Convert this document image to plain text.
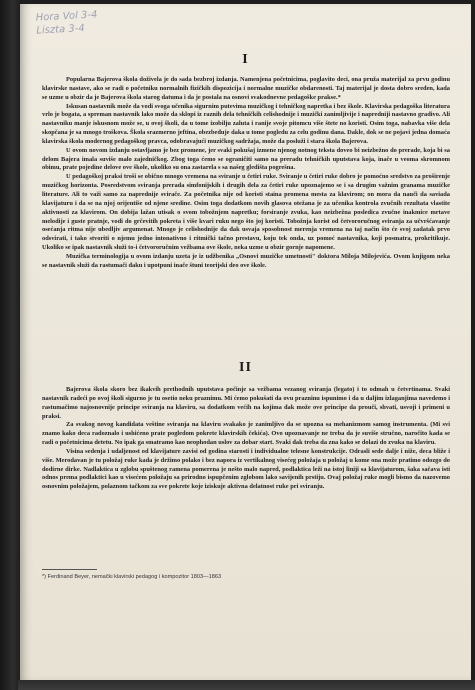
Hora Vol 3-4
Liszta 3-4
I

Popularna Bajerova škola doživela je do sada bezbroj izdanja. Namenjena početnicima, poglavito deci, ona pruža materijal za prvu godinu klavirske nastave, ako se radi o početniku normalnih fizičkih dispozicija i normalne muzičke obdarenosti. Taj materijal je dosta dobro sređen, kada se uzme u obzir da je Bajerova škola starog datuma i da je postala na osnovi svakodnevne pedagoške prakse.*

Iskusan nastavnik može da vodi svoga učenika sigurnim putevima muzičkog i tehničkog napretka i bez škole. Klavirska pedagoška literatura vrlo je bogata, a spreman nastavnik lako može da sklopi iz raznih dela tehničkih celishodnije i muzički zanimljivije i napredniji nastavno gradivo. Ali nastavniku manje iskusnom može se, u ovoj školi, da u tome izobilju zaluta i ranije svoje pitomcu više štete no koristi. Osim toga, nabavka više dela skopčana je sa mnogo troškova. Škola srazmerno jeftina, obezbeđuje daka u tome pogledu za celu godinu dana. Dakle, dok se ne pojavi jedna domaća klavirska škola modernog pedagoškog pravca, odobravajući muzičkog sadržaja, može da posluži i stara škola Bajerova.

U ovom novom izdanju ostavljamo je bez promene, jer svaki pokušaj izmene njenog notnog teksta doveo bi neizbežno do prerade, koja bi sa delom Bajera imala suviše malo zajedničkog. Zbog toga ćemo se ograničiti samo na preradu tehničkih uputstava koja, inače u veoma skromnom obimu, prate pojedine delove ove škole, ukoliko su ona zastarela s sa našeg gledišta pogrešna.

U pedagoškoj praksi troši se obično mnogo vremena na sviranje u četiri ruke. Sviranje u četiri ruke dobro je pomoćno sredstvo za proširenje muzičkog horizonta. Posredstvom sviranja prerada simfonijskih i drugih dela za četiri ruke upoznajemo se i sa drugim važnim granama muzičke literature. Ali to važi samo za naprednije svirače. Za početnika nije od koristi staina promena mesta za klavirom; on mora da nauči da saviada klavijaturu i da se na njoj orijentiše od njene sredine. Osim toga dodatkom novih glasova otežana je za učenika kontrola zvučnih rezultata vlastite aktivnosti za klavirom. On dobija lažan utisak o svom tobožnjem napretku; forsiranje zvuka, kao neizbežna posledica zvučne inakmice mrtave melodije i guste pratnje, vodi do grčevitih pokreta i više kvari ruku nego što joj koristi. Tobožnja korist od četvororučnog sviranja za učvršćavanje osećanja ritma nije ubedljiv argumenat. Mnogo je celishodnije da đak usvaja sposobnost merenja vremena na taj način što će svoj zadatak prvo odsvirati, i tako stvoriti o njemu jedno intonativno i ritmički tačno prestavu, koju tek onda, uz pomoć nastavnika, koji posmatra, prokritikuje. Ukoliko se ipak nastavnik služi to-i četvororučnim vežbama ove škole, neka uzme u obzir gornje napomene.

Muzička terminologija u ovom izdanju uzeta je iz udžbenika „Osnovi muzičke umetnosti" doktora Miloja Milojevića. Ovom knjigom neka se nastavnik služi da rastumači đaku i upotpuni inače štuni teorijski deo ove škole.

II

Bajerova škola skoro bez ikakvih prethodnih uputstava počinje sa vežbama vezanog sviranja (legato) i to odmah u četvrtinama. Svaki nastavnik radeći po ovoj školi sigurno je tu osetio neku praznimu. Mi ćemo pokušati da ovu prazninu ispunimo i da u daljim izlaganjima navedemo i rastumačimo najosnovnije principe sviranja na klaviru, sa dodatkom većih na kojima đak može ove principe da prouči, shvati, usvoji i primeni u praksi.

Za svakog novog kandidata veštine sviranja na klaviru svakako je zanimljivo da se upozna sa mehanizmom samog instrumenta. (Mi svi znamo kako deca radoznalo i ushićeno prate pogledom pokrete klavirskih čekića). Ovo upoznavanje ne treba da je suviše stručno, naročito kada se radi o početnicima detetu. No ipak ga smatramo kao neophodan uslov za dobar start. Svaki đak treba da zna kako se dolazi do zvuka na klaviru.

Visina sedenja i udaljenost od klavijature zavisi od godina starosti i individualne telesne konstrukcije. Odrasli sede dalje i niže, deca bliže i više. Merodavan je tu položaj ruke kada je držimo polako i bez napora iz vertikalnog visećeg položaja u položaj u kome ona može pratimo odozgo do dodirne dirke. Nadlaktica u zglobu spuštenog ramena pomerena je nešto malo napred, podlaktica leži na istoj liniji sa klavijaturom, šaka sačava isti odnos prema podlaktici kao u visećem položaju sa prirodno ispupčenim zglobom lako savijenih prstiju. Ovaj položaj ruke mogli bismo da nazovemo osnovnim položajem, polaznom tačkom za sve pokrete koje iziskuje aktivna delatnost ruke pri sviranju.

*) Ferdinand Beyer, nemački klavirski pedagog i kompozitor 1803—1863
